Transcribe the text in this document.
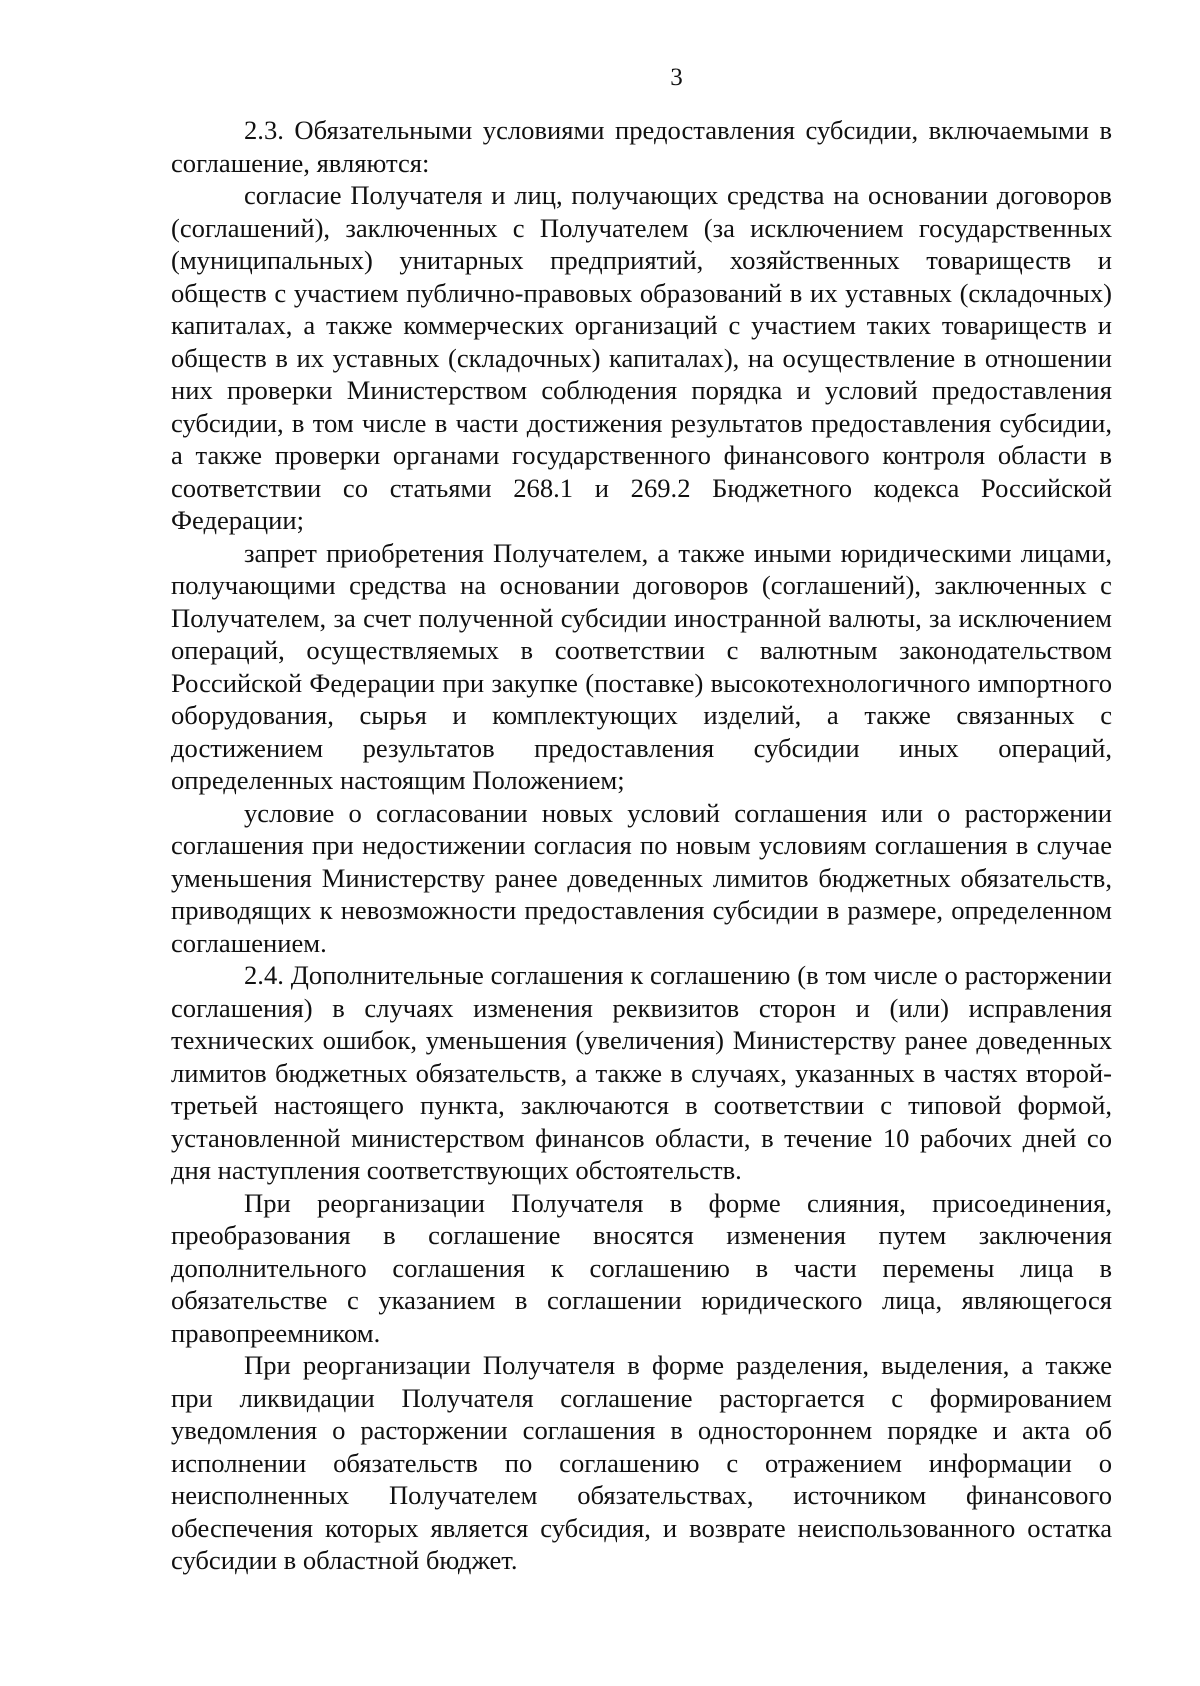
3

2.3. Обязательными условиями предоставления субсидии, включаемыми в соглашение, являются:

согласие Получателя и лиц, получающих средства на основании договоров (соглашений), заключенных с Получателем (за исключением государственных (муниципальных) унитарных предприятий, хозяйственных товариществ и обществ с участием публично-правовых образований в их уставных (складочных) капиталах, а также коммерческих организаций с участием таких товариществ и обществ в их уставных (складочных) капиталах), на осуществление в отношении них проверки Министерством соблюдения порядка и условий предоставления субсидии, в том числе в части достижения результатов предоставления субсидии, а также проверки органами государственного финансового контроля области в соответствии со статьями 268.1 и 269.2 Бюджетного кодекса Российской Федерации;

запрет приобретения Получателем, а также иными юридическими лицами, получающими средства на основании договоров (соглашений), заключенных с Получателем, за счет полученной субсидии иностранной валюты, за исключением операций, осуществляемых в соответствии с валютным законодательством Российской Федерации при закупке (поставке) высокотехнологичного импортного оборудования, сырья и комплектующих изделий, а также связанных с достижением результатов предоставления субсидии иных операций, определенных настоящим Положением;

условие о согласовании новых условий соглашения или о расторжении соглашения при недостижении согласия по новым условиям соглашения в случае уменьшения Министерству ранее доведенных лимитов бюджетных обязательств, приводящих к невозможности предоставления субсидии в размере, определенном соглашением.

2.4. Дополнительные соглашения к соглашению (в том числе о расторжении соглашения) в случаях изменения реквизитов сторон и (или) исправления технических ошибок, уменьшения (увеличения) Министерству ранее доведенных лимитов бюджетных обязательств, а также в случаях, указанных в частях второй-третьей настоящего пункта, заключаются в соответствии с типовой формой, установленной министерством финансов области, в течение 10 рабочих дней со дня наступления соответствующих обстоятельств.

При реорганизации Получателя в форме слияния, присоединения, преобразования в соглашение вносятся изменения путем заключения дополнительного соглашения к соглашению в части перемены лица в обязательстве с указанием в соглашении юридического лица, являющегося правопреемником.

При реорганизации Получателя в форме разделения, выделения, а также при ликвидации Получателя соглашение расторгается с формированием уведомления о расторжении соглашения в одностороннем порядке и акта об исполнении обязательств по соглашению с отражением информации о неисполненных Получателем обязательствах, источником финансового обеспечения которых является субсидия, и возврате неиспользованного остатка субсидии в областной бюджет.
